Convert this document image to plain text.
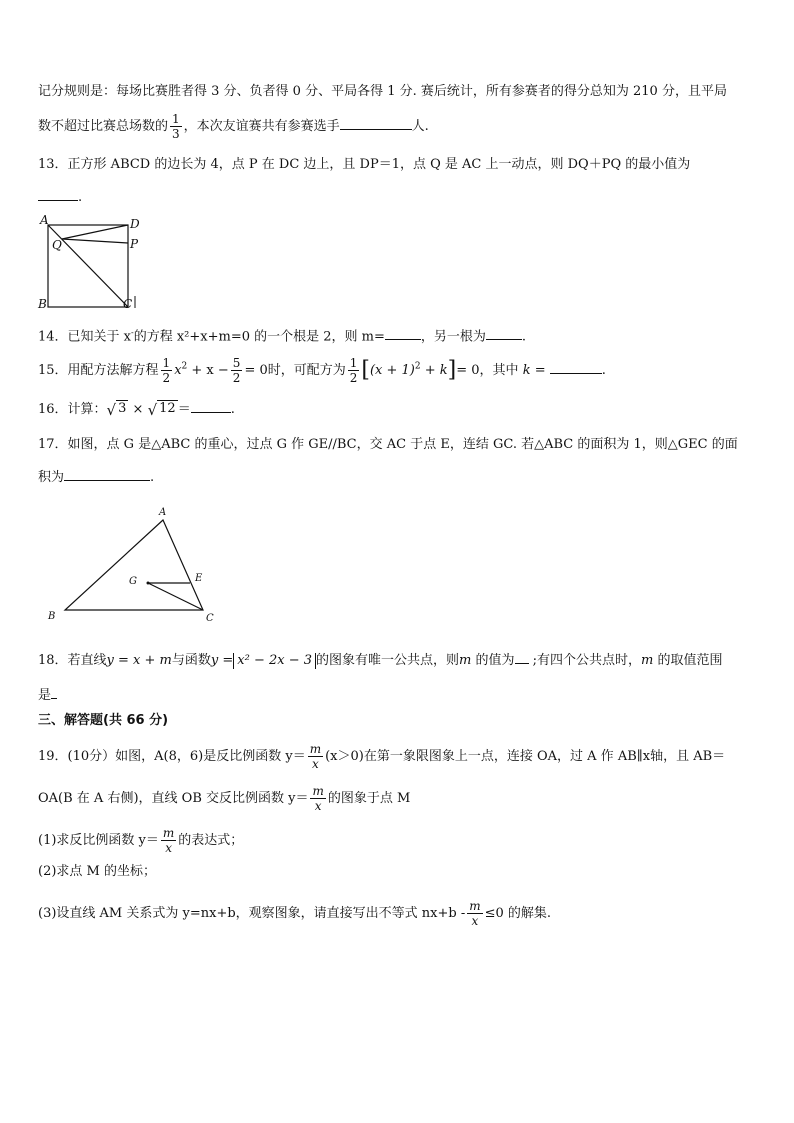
记分规则是：每场比赛胜者得 3 分、负者得 0 分、平局各得 1 分. 赛后统计，所有参赛者的得分总知为 210 分，且平局
数不超过比赛总场数的 $\frac{1}{3}$ ，本次友谊赛共有参赛选手	人.
13．正方形 ABCD 的边长为 4，点 P 在 DC 边上，且 DP＝1，点 Q 是 AC 上一动点，则 DQ＋PQ 的最小值为
.
A	D
Q	P
B	C
14．已知关于 x-的方程 x²+x+m=0 的一个根是 2，则 m=	，另一根为	.
15．用配方法解方程 $\frac{1}{2} x^2 + x - \frac{5}{2} = 0$时，可配方为 $\frac{1}{2} [(x + 1)^2 + k]= 0$，其中 k =	.
16．计算： √ 3 × √ 12 ＝	.
17．如图，点 G 是△ABC 的重心，过点 G 作 GE//BC，交 AC 于点 E，连结 GC. 若△ABC 的面积为 1，则△GEC 的面
积为	.
A
G	E
B	C
18．若直线y = x + m与函数y = x² − 2x − 3 的图象有唯一公共点，则m 的值为 ;有四个公共点时，m 的取值范围
是
三、解答题(共 66 分)
19．(10分）如图，A(8，6)是反比例函数 $y= \frac{m}{x} (x>0)$在第一象限图象上一点，连接 OA，过 A 作 AB∥x轴，且 AB＝
OA(B 在 A 右侧)，直线 OB 交反比例函数 $y= \frac{m}{x}$ 的图象于点 M
(1)求反比例函数 $y= \frac{m}{x}$ 的表达式；
(2)求点 M 的坐标；
(3)设直线 AM 关系式为 y=nx+b，观察图象，请直接写出不等式 $nx+b - \frac{m}{x} \le 0$ 的解集.
